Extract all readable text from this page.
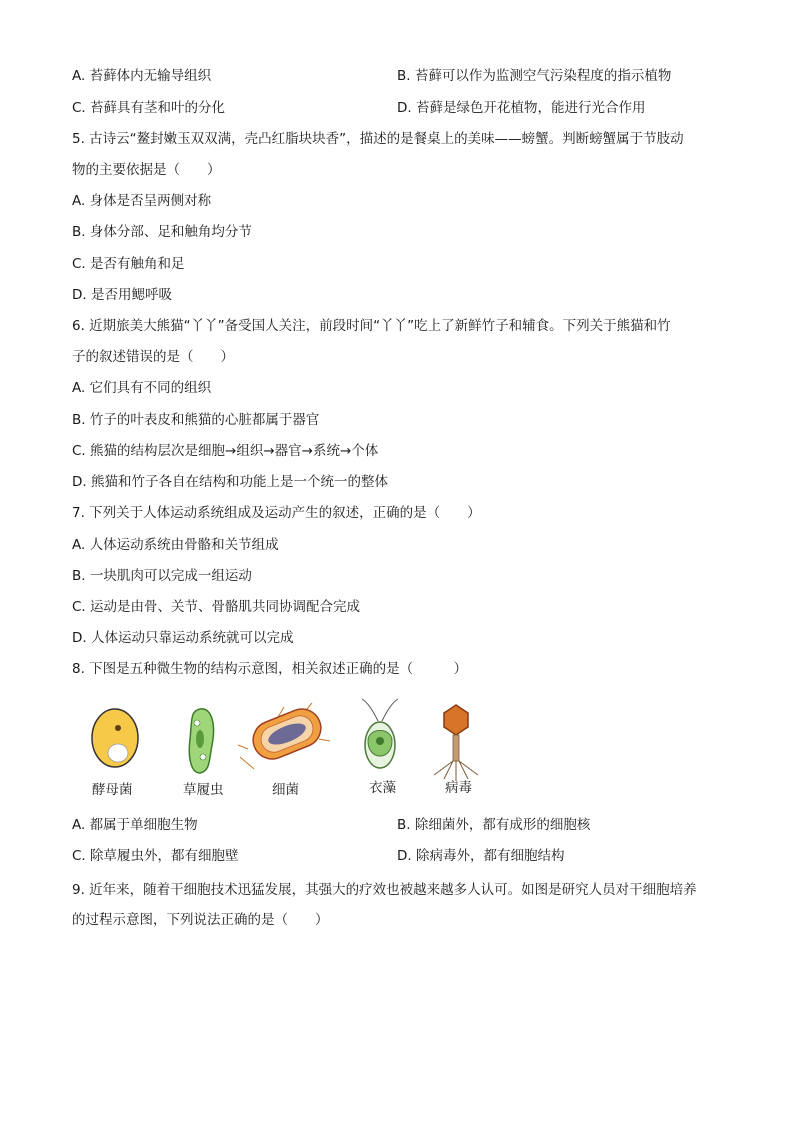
A. 苔藓体内无输导组织	B. 苔藓可以作为监测空气污染程度的指示植物
C. 苔藓具有茎和叶的分化	D. 苔藓是绿色开花植物，能进行光合作用
5. 古诗云“鳌封嫩玉双双满，壳凸红脂块块香”，描述的是餐桌上的美味——螃蟹。判断螃蟹属于节肢动
物的主要依据是（　　）
A. 身体是否呈两侧对称
B. 身体分部、足和触角均分节
C. 是否有触角和足
D. 是否用鳃呼吸
6. 近期旅美大熊猫“丫丫”备受国人关注，前段时间“丫丫”吃上了新鲜竹子和辅食。下列关于熊猫和竹
子的叙述错误的是（　　）
A. 它们具有不同的组织
B. 竹子的叶表皮和熊猫的心脏都属于器官
C. 熊猫的结构层次是细胞→组织→器官→系统→个体
D. 熊猫和竹子各自在结构和功能上是一个统一的整体
7. 下列关于人体运动系统组成及运动产生的叙述，正确的是（　　）
A. 人体运动系统由骨骼和关节组成
B. 一块肌肉可以完成一组运动
C. 运动是由骨、关节、骨骼肌共同协调配合完成
D. 人体运动只靠运动系统就可以完成
8. 下图是五种微生物的结构示意图，相关叙述正确的是（　　　）
酵母菌	草履虫	细菌	衣藻	病毒
A. 都属于单细胞生物	B. 除细菌外，都有成形的细胞核
C. 除草履虫外，都有细胞壁	D. 除病毒外，都有细胞结构
9. 近年来，随着干细胞技术迅猛发展，其强大的疗效也被越来越多人认可。如图是研究人员对干细胞培养
的过程示意图，下列说法正确的是（　　）
